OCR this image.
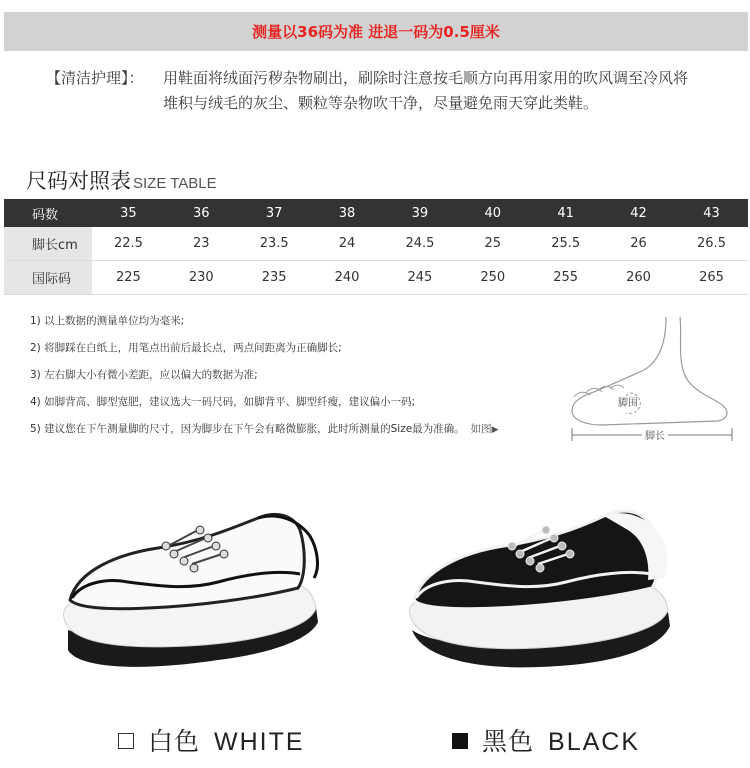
测量以36码为准 进退一码为0.5厘米
【清洁护理】： 用鞋面将绒面污秽杂物刷出，刷除时注意按毛顺方向再用家用的吹风调至冷风将堆积与绒毛的灰尘、颗粒等杂物吹干净，尽量避免雨天穿此类鞋。
尺码对照表 SIZE TABLE
码数	35	36	37	38	39	40	41	42	43
脚长cm	22.5	23	23.5	24	24.5	25	25.5	26	26.5
国际码	225	230	235	240	245	250	255	260	265
1) 以上数据的测量单位均为毫米;
2) 将脚踩在白纸上，用笔点出前后最长点，两点间距离为正确脚长;
3) 左右脚大小有微小差距，应以偏大的数据为准;
4) 如脚背高、脚型宽肥，建议选大一码尺码，如脚背平、脚型纤瘦，建议偏小一码;
5) 建议您在下午测量脚的尺寸，因为脚步在下午会有略微膨胀，此时所测量的Size最为准确。 如图▶
脚围
脚长
白色 WHITE	黑色 BLACK
